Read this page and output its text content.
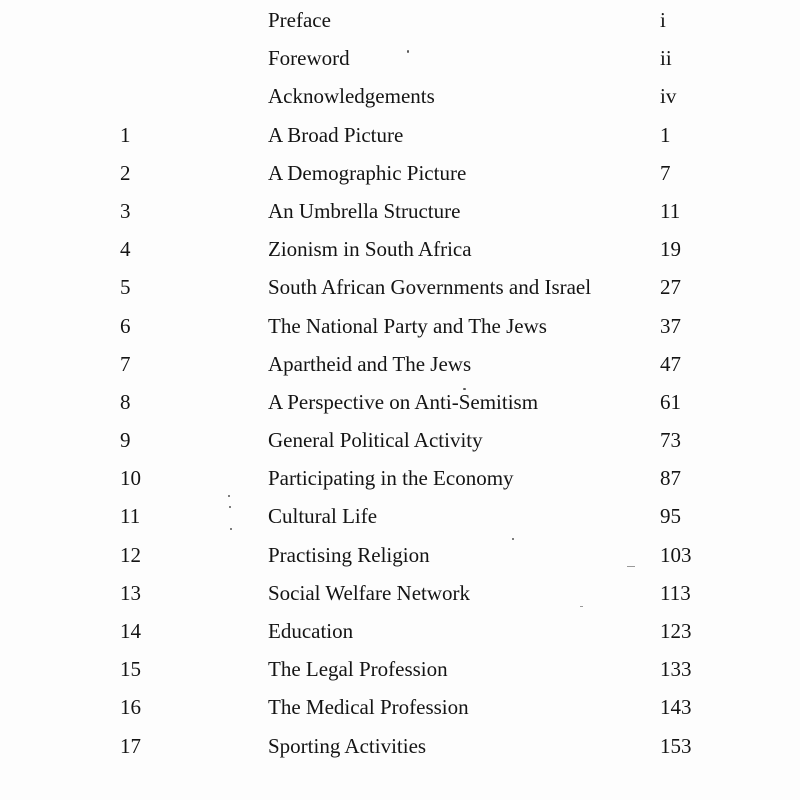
Preface	i
Foreword	ii
Acknowledgements	iv
1	A Broad Picture	1
2	A Demographic Picture	7
3	An Umbrella Structure	11
4	Zionism in South Africa	19
5	South African Governments and Israel	27
6	The National Party and The Jews	37
7	Apartheid and The Jews	47
8	A Perspective on Anti-Semitism	61
9	General Political Activity	73
10	Participating in the Economy	87
11	Cultural Life	95
12	Practising Religion	103
13	Social Welfare Network	113
14	Education	123
15	The Legal Profession	133
16	The Medical Profession	143
17	Sporting Activities	153
